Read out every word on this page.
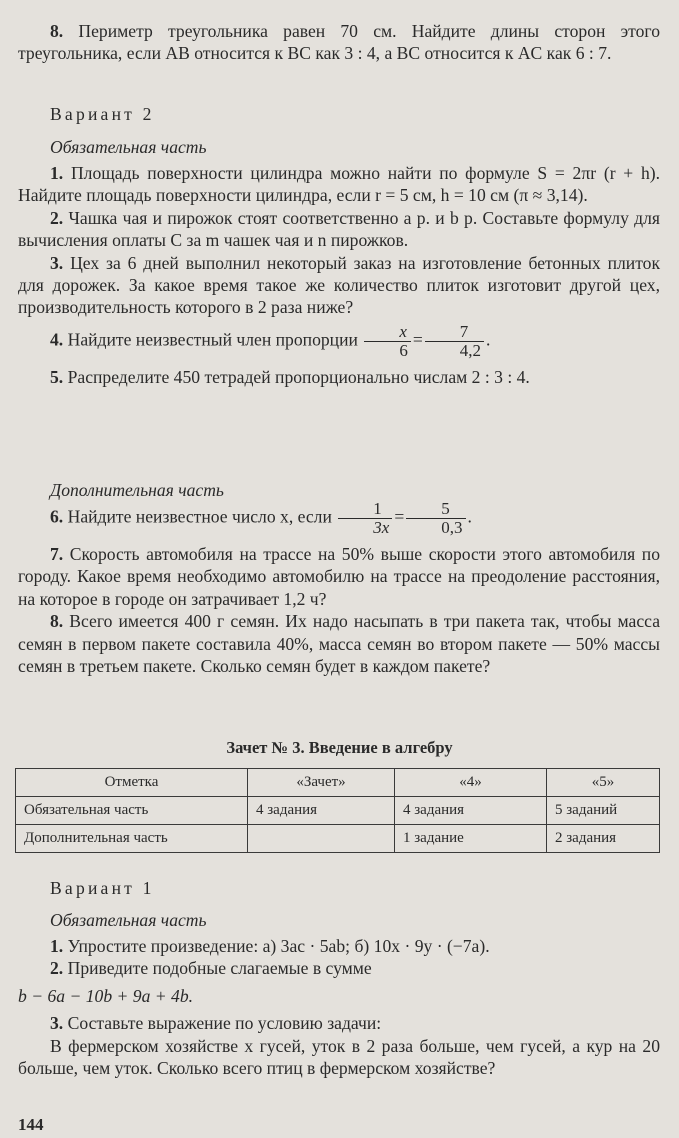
8. Периметр треугольника равен 70 см. Найдите длины сторон этого треугольника, если AB относится к BC как 3 : 4, а BC относится к AC как 6 : 7.

Вариант 2
Обязательная часть

1. Площадь поверхности цилиндра можно найти по формуле S = 2πr (r + h). Найдите площадь поверхности цилиндра, если r = 5 см, h = 10 см (π ≈ 3,14).

2. Чашка чая и пирожок стоят соответственно a р. и b р. Составьте формулу для вычисления оплаты C за m чашек чая и n пирожков.

3. Цех за 6 дней выполнил некоторый заказ на изготовление бетонных плиток для дорожек. За какое время такое же количество плиток изготовит другой цех, производительность которого в 2 раза ниже?

4. Найдите неизвестный член пропорции $\frac{x}{6} = \frac{7}{4,2}$ .

5. Распределите 450 тетрадей пропорционально числам 2 : 3 : 4.

Дополнительная часть

6. Найдите неизвестное число x, если $\frac{1}{3x} = \frac{5}{0,3}$ .

7. Скорость автомобиля на трассе на 50% выше скорости этого автомобиля по городу. Какое время необходимо автомобилю на трассе на преодоление расстояния, на которое в городе он затрачивает 1,2 ч?

8. Всего имеется 400 г семян. Их надо насыпать в три пакета так, чтобы масса семян в первом пакете составила 40%, масса семян во втором пакете — 50% массы семян в третьем пакете. Сколько семян будет в каждом пакете?

Зачет № 3. Введение в алгебру
Отметка	«Зачет»	«4»	«5»
Обязательная часть	4 задания	4 задания	5 заданий
Дополнительная часть		1 задание	2 задания
Вариант 1
Обязательная часть

1. Упростите произведение: а) 3ac · 5ab; б) 10x · 9y · (−7a).

2. Приведите подобные слагаемые в сумме

b − 6a − 10b + 9a + 4b.

3. Составьте выражение по условию задачи:

В фермерском хозяйстве x гусей, уток в 2 раза больше, чем гусей, а кур на 20 больше, чем уток. Сколько всего птиц в фермерском хозяйстве?

144
